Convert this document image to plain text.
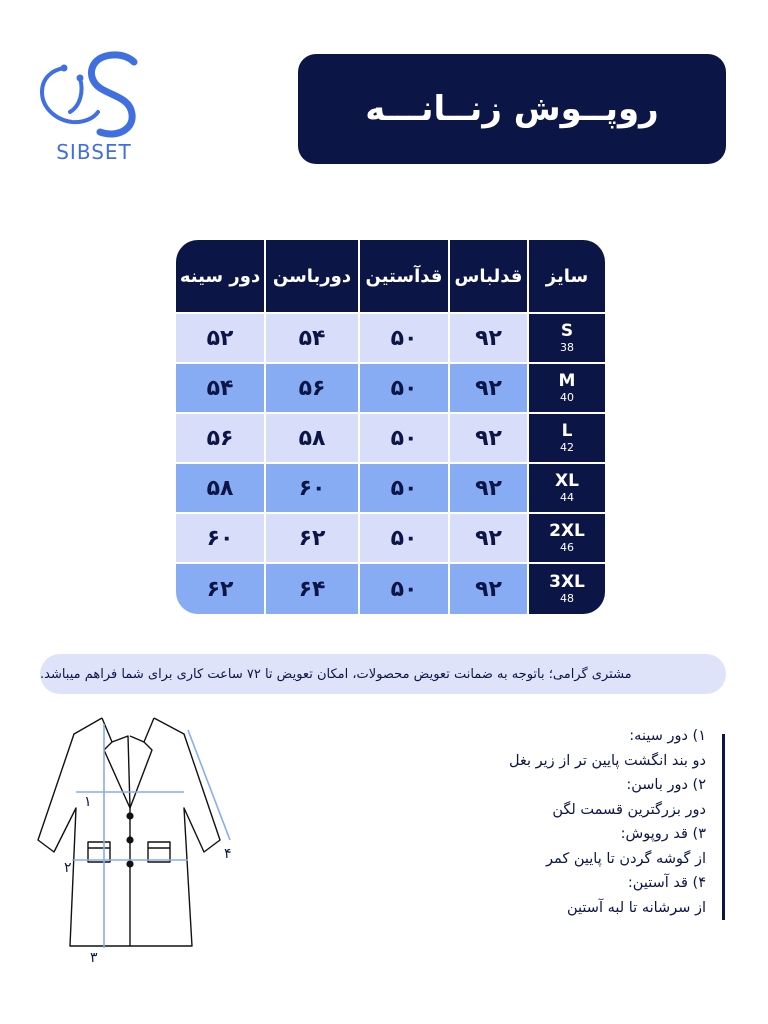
SIBSET
روپــوش زنــانـــه
سایز
قدلباس
قدآستین
دورباسن
دور سینه
S
38
۹۲
۵۰
۵۴
۵۲
M
40
۹۲
۵۰
۵۶
۵۴
L
42
۹۲
۵۰
۵۸
۵۶
XL
44
۹۲
۵۰
۶۰
۵۸
2XL
46
۹۲
۵۰
۶۲
۶۰
3XL
48
۹۲
۵۰
۶۴
۶۲
مشتری گرامی؛ باتوجه به ضمانت تعویض محصولات، امکان تعویض تا ۷۲ ساعت کاری برای شما فراهم میباشد.
۱
۲
۳
۴
۱) دور سینه:
دو بند انگشت پایین تر از زیر بغل
۲) دور باسن:
دور بزرگترین قسمت لگن
۳) قد روپوش:
از گوشه گردن تا پایین کمر
۴) قد آستین:
از سرشانه تا لبه آستین
